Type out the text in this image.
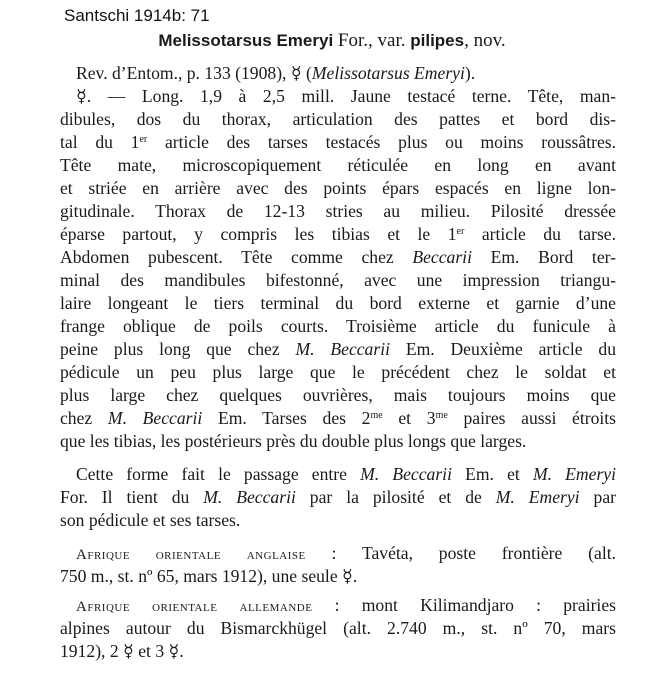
Santschi 1914b: 71
Melissotarsus Emeryi For., var. pilipes, nov.
Rev. d’Entom., p. 133 (1908), ☿ (Melissotarsus Emeryi).
☿. — Long. 1,9 à 2,5 mill. Jaune testacé terne. Tête, man-
dibules, dos du thorax, articulation des pattes et bord dis-
tal du 1er article des tarses testacés plus ou moins roussâtres.
Tête mate, microscopiquement réticulée en long en avant
et striée en arrière avec des points épars espacés en ligne lon-
gitudinale. Thorax de 12-13 stries au milieu. Pilosité dressée
éparse partout, y compris les tibias et le 1er article du tarse.
Abdomen pubescent. Tête comme chez Beccarii Em. Bord ter-
minal des mandibules bifestonné, avec une impression triangu-
laire longeant le tiers terminal du bord externe et garnie d’une
frange oblique de poils courts. Troisième article du funicule à
peine plus long que chez M. Beccarii Em. Deuxième article du
pédicule un peu plus large que le précédent chez le soldat et
plus large chez quelques ouvrières, mais toujours moins que
chez M. Beccarii Em. Tarses des $2^{me}$ et $3^{me}$ paires aussi étroits
que les tibias, les postérieurs près du double plus longs que larges.
Cette forme fait le passage entre M. Beccarii Em. et M. Emeryi
For. Il tient du M. Beccarii par la pilosité et de M. Emeryi par
son pédicule et ses tarses.
Afrique orientale anglaise : Tavéta, poste frontière (alt.
750 m., st. nº 65, mars 1912), une seule ☿.
Afrique orientale allemande : mont Kilimandjaro : prairies
alpines autour du Bismarckhügel (alt. 2.740 m., st. nº 70, mars
1912), 2 ☿ et 3 ☿.
